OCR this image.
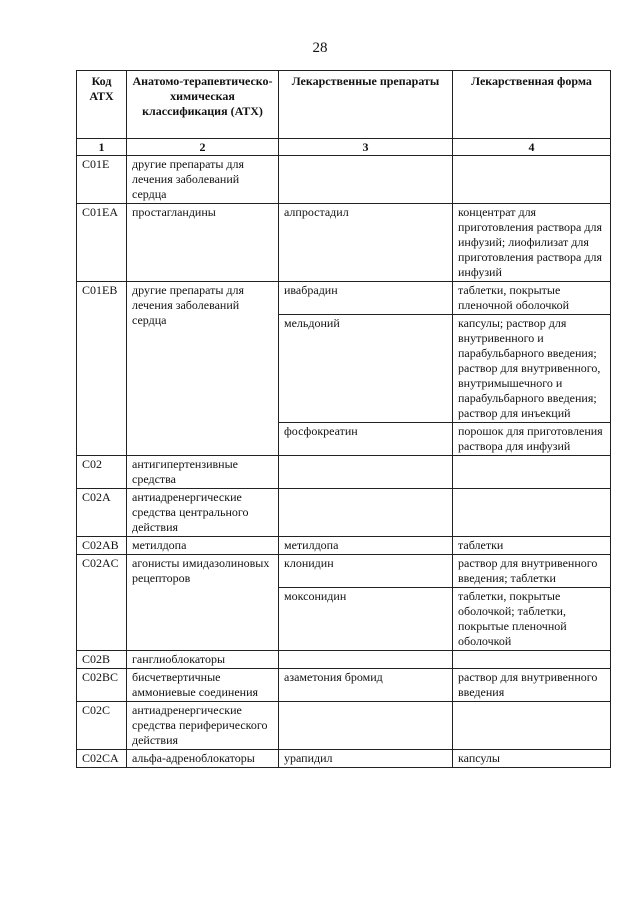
28
Код АТХ	Анатомо-терапевтическо-химическая классификация (АТХ)	Лекарственные препараты	Лекарственная форма
1	2	3	4
C01E	другие препараты для лечения заболеваний сердца		
C01EA	простагландины	алпростадил	концентрат для приготовления раствора для инфузий; лиофилизат для приготовления раствора для инфузий
C01EB	другие препараты для лечения заболеваний сердца	ивабрадин	таблетки, покрытые пленочной оболочкой
		мельдоний	капсулы; раствор для внутривенного и парабульбарного введения; раствор для внутривенного, внутримышечного и парабульбарного введения; раствор для инъекций
		фосфокреатин	порошок для приготовления раствора для инфузий
C02	антигипертензивные средства		
C02A	антиадренергические средства центрального действия		
C02AB	метилдопа	метилдопа	таблетки
C02AC	агонисты имидазолиновых рецепторов	клонидин	раствор для внутривенного введения; таблетки
		моксонидин	таблетки, покрытые оболочкой; таблетки, покрытые пленочной оболочкой
C02B	ганглиоблокаторы		
C02BC	бисчетвертичные аммониевые соединения	азаметония бромид	раствор для внутривенного введения
C02C	антиадренергические средства периферического действия		
C02CA	альфа-адреноблокаторы	урапидил	капсулы
